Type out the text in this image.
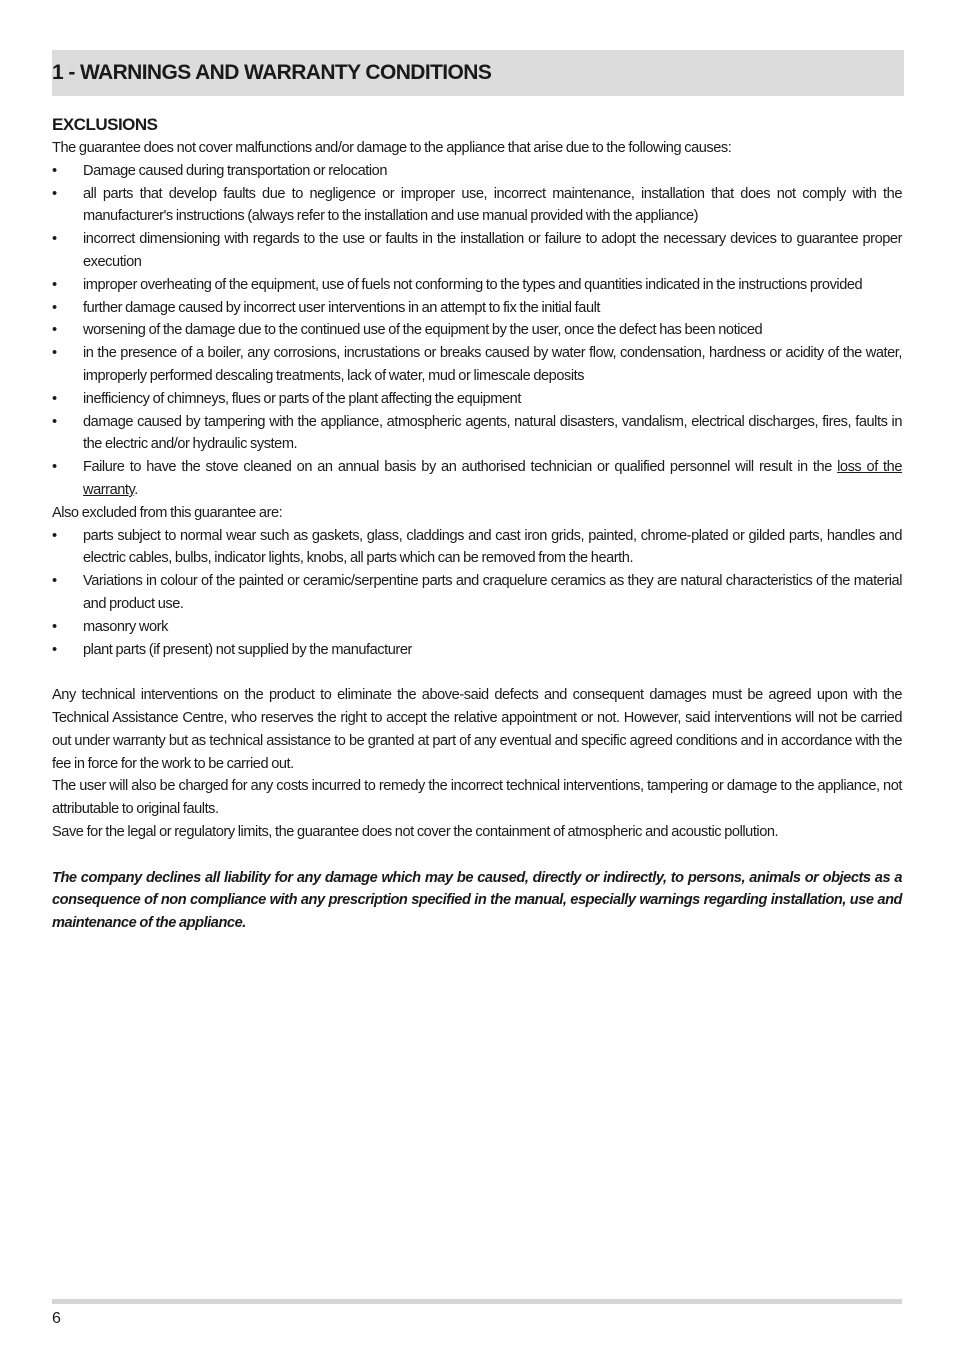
1 - WARNINGS AND WARRANTY CONDITIONS
EXCLUSIONS

The guarantee does not cover malfunctions and/or damage to the appliance that arise due to the following causes:

• Damage caused during transportation or relocation
• all parts that develop faults due to negligence or improper use, incorrect maintenance, installation that does not comply with the manufacturer's instructions (always refer to the installation and use manual provided with the appliance)
• incorrect dimensioning with regards to the use or faults in the installation or failure to adopt the necessary devices to guarantee proper execution
• improper overheating of the equipment, use of fuels not conforming to the types and quantities indicated in the instructions provided
• further damage caused by incorrect user interventions in an attempt to fix the initial fault
• worsening of the damage due to the continued use of the equipment by the user, once the defect has been noticed
• in the presence of a boiler, any corrosions, incrustations or breaks caused by water flow, condensation, hardness or acidity of the water, improperly performed descaling treatments, lack of water, mud or limescale deposits
• inefficiency of chimneys, flues or parts of the plant affecting the equipment
• damage caused by tampering with the appliance, atmospheric agents, natural disasters, vandalism, electrical discharges, fires, faults in the electric and/or hydraulic system.
• Failure to have the stove cleaned on an annual basis by an authorised technician or qualified personnel will result in the loss of the warranty.

Also excluded from this guarantee are:

• parts subject to normal wear such as gaskets, glass, claddings and cast iron grids, painted, chrome-plated or gilded parts, handles and electric cables, bulbs, indicator lights, knobs, all parts which can be removed from the hearth.
• Variations in colour of the painted or ceramic/serpentine parts and craquelure ceramics as they are natural characteristics of the material and product use.
• masonry work
• plant parts (if present) not supplied by the manufacturer

Any technical interventions on the product to eliminate the above-said defects and consequent damages must be agreed upon with the Technical Assistance Centre, who reserves the right to accept the relative appointment or not. However, said interventions will not be carried out under warranty but as technical assistance to be granted at part of any eventual and specific agreed conditions and in accordance with the fee in force for the work to be carried out.

The user will also be charged for any costs incurred to remedy the incorrect technical interventions, tampering or damage to the appliance, not attributable to original faults.

Save for the legal or regulatory limits, the guarantee does not cover the containment of atmospheric and acoustic pollution.

The company declines all liability for any damage which may be caused, directly or indirectly, to persons, animals or objects as a consequence of non compliance with any prescription specified in the manual, especially warnings regarding installation, use and maintenance of the appliance.

6
